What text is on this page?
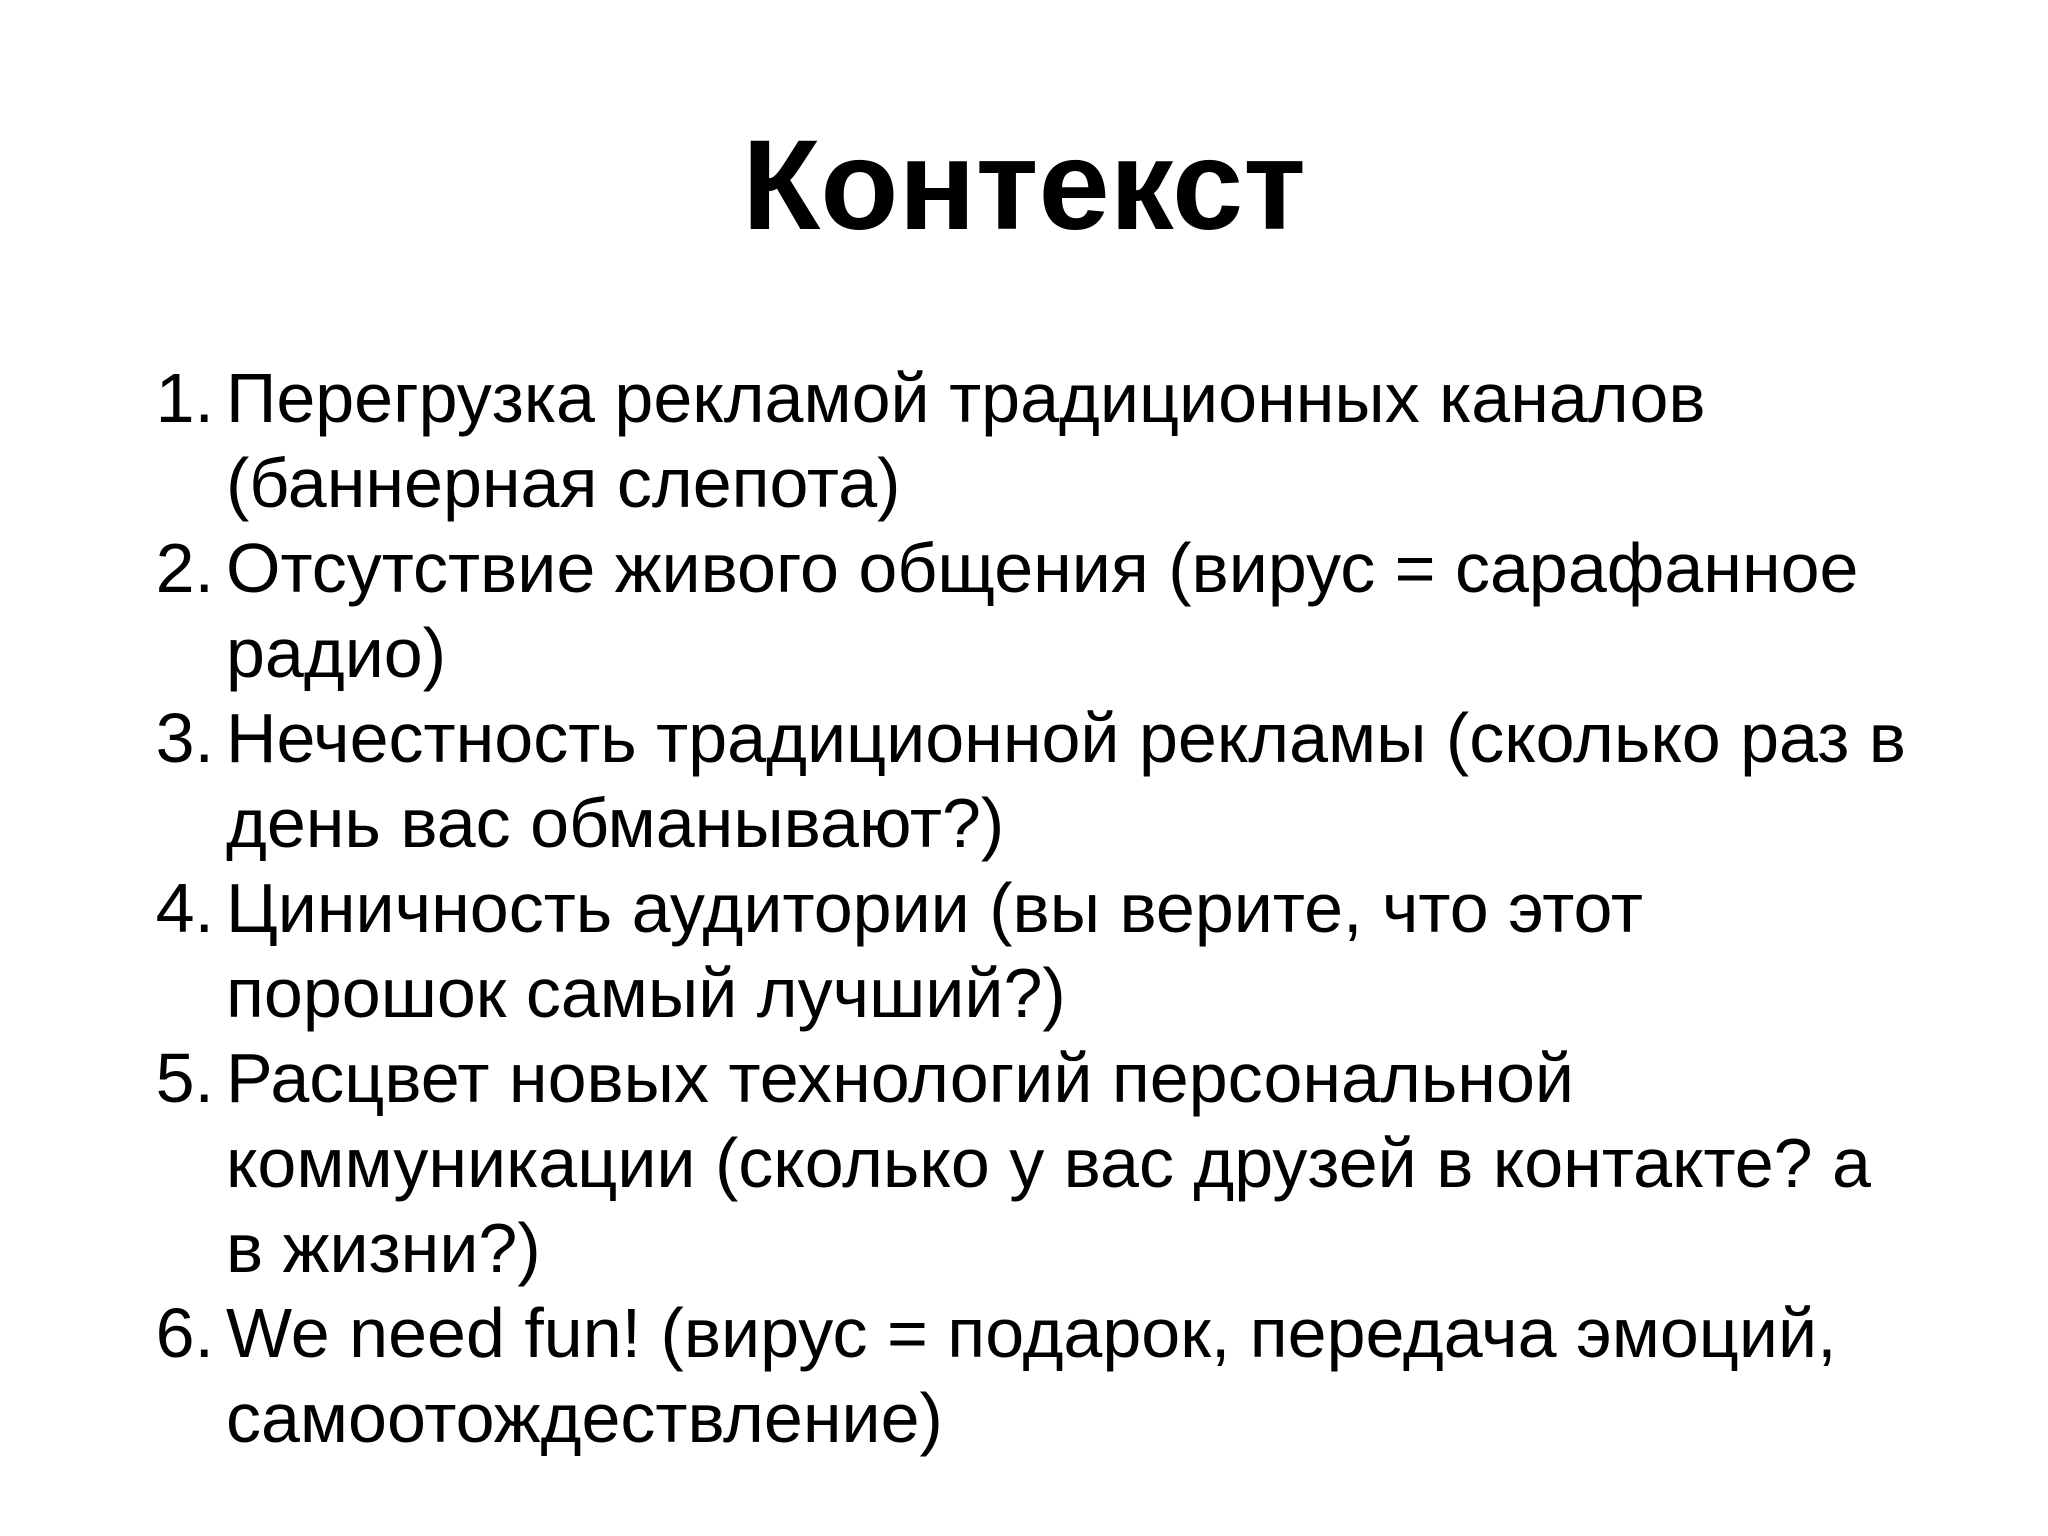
Контекст
1. Перегрузка рекламой традиционных каналов
(баннерная слепота)
2. Отсутствие живого общения (вирус = сарафанное
радио)
3. Нечестность традиционной рекламы (сколько раз в
день вас обманывают?)
4. Циничность аудитории (вы верите, что этот
порошок самый лучший?)
5. Расцвет новых технологий персональной
коммуникации (сколько у вас друзей в контакте? а
в жизни?)
6. We need fun! (вирус = подарок, передача эмоций,
самоотождествление)
